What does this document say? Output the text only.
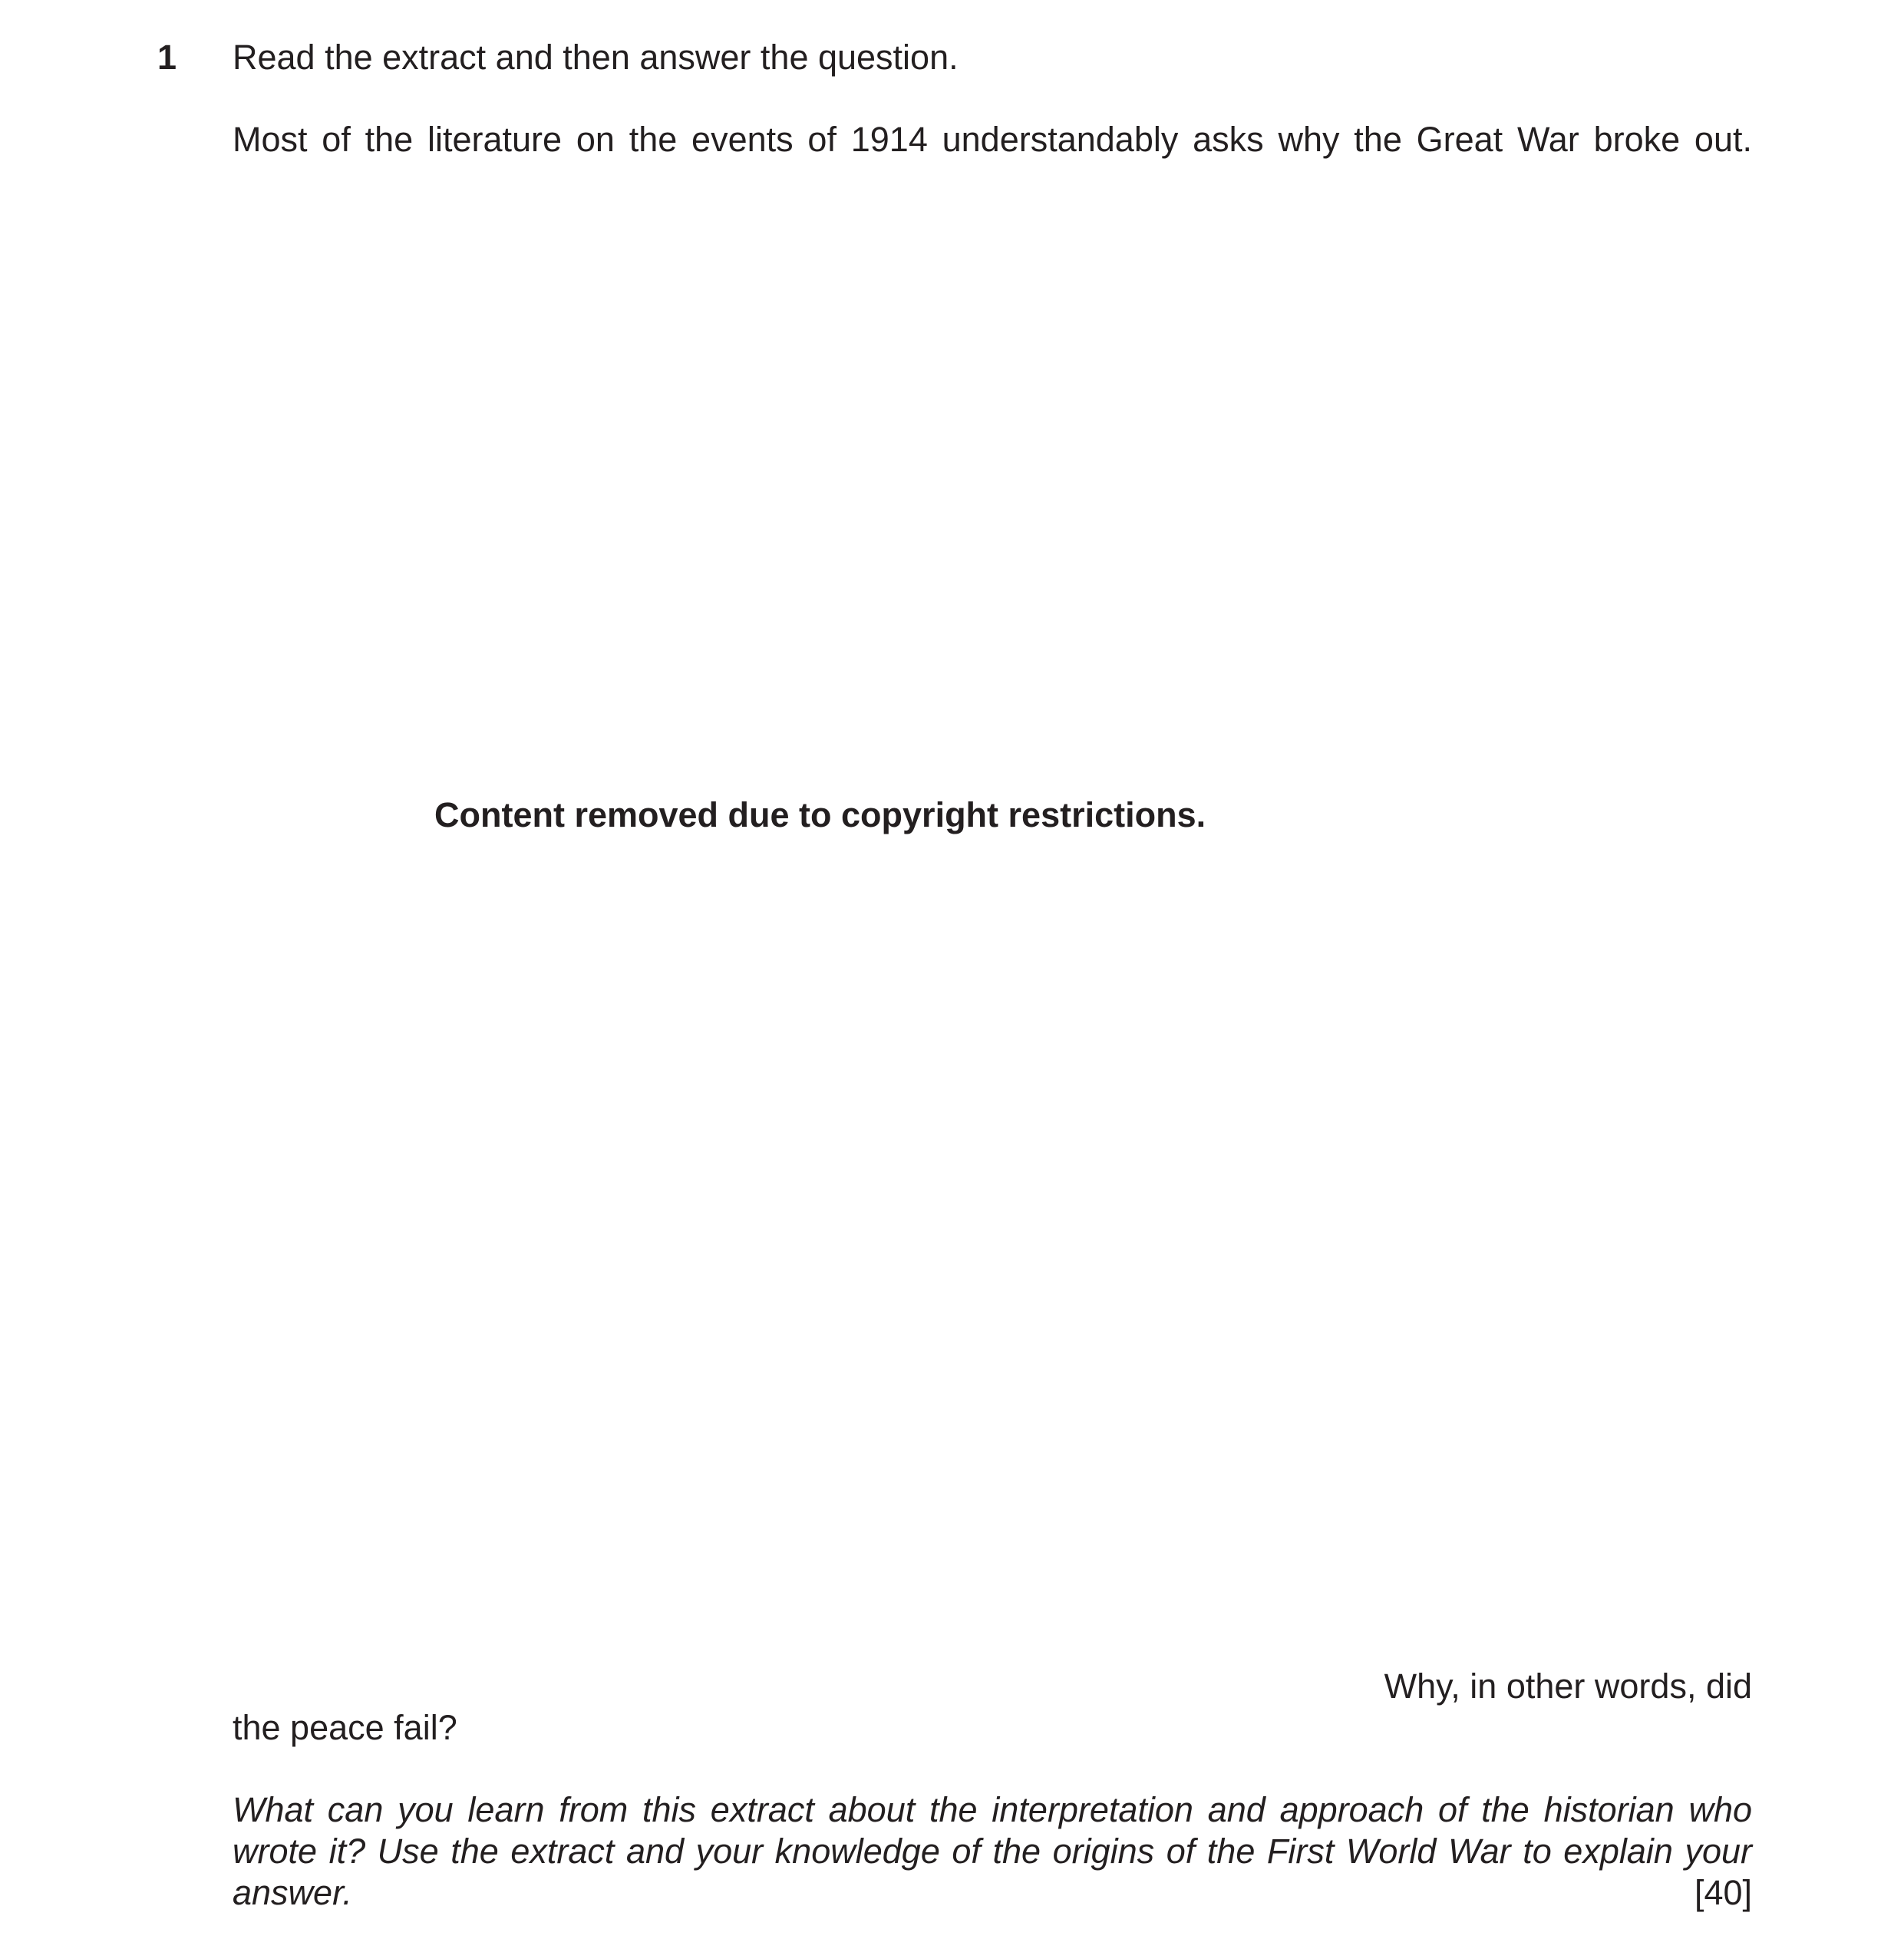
1 Read the extract and then answer the question.
Most of the literature on the events of 1914 understandably asks why the Great War broke out.
Content removed due to copyright restrictions.
Why, in other words, did
the peace fail?
What can you learn from this extract about the interpretation and approach of the historian who
wrote it? Use the extract and your knowledge of the origins of the First World War to explain your
answer.	[40]
